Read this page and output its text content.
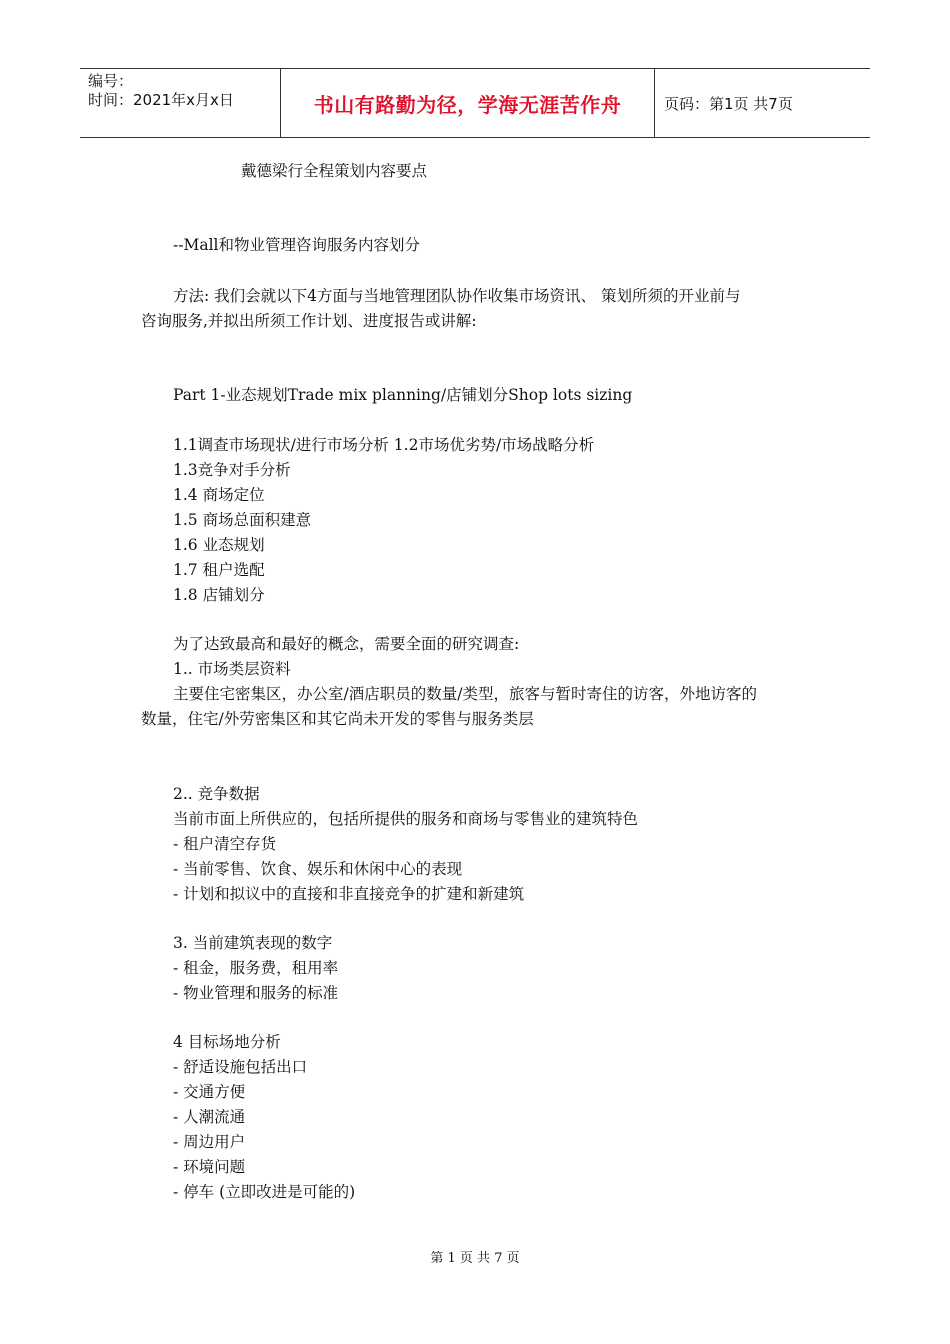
编号：
时间：2021年x月x日	书山有路勤为径，学海无涯苦作舟	页码：第1页 共7页
戴德梁行全程策划内容要点
--Mall和物业管理咨询服务内容划分
方法: 我们会就以下4方面与当地管理团队协作收集市场资讯、 策划所须的开业前与
咨询服务,并拟出所须工作计划、进度报告或讲解:
Part 1-业态规划Trade mix planning/店铺划分Shop lots sizing
1.1调查市场现状/进行市场分析 1.2市场优劣势/市场战略分析
1.3竞争对手分析
1.4 商场定位
1.5 商场总面积建意
1.6 业态规划
1.7 租户选配
1.8 店铺划分
为了达致最高和最好的概念，需要全面的研究调查:
1.. 市场类层资料
主要住宅密集区，办公室/酒店职员的数量/类型，旅客与暂时寄住的访客，外地访客的
数量，住宅/外劳密集区和其它尚未开发的零售与服务类层
2.. 竞争数据
当前市面上所供应的，包括所提供的服务和商场与零售业的建筑特色
- 租户清空存货
- 当前零售、饮食、娱乐和休闲中心的表现
- 计划和拟议中的直接和非直接竞争的扩建和新建筑
3. 当前建筑表现的数字
- 租金，服务费，租用率
- 物业管理和服务的标准
4 目标场地分析
- 舒适设施包括出口
- 交通方便
- 人潮流通
- 周边用户
- 环境问题
- 停车 (立即改进是可能的)
第 1 页 共 7 页
